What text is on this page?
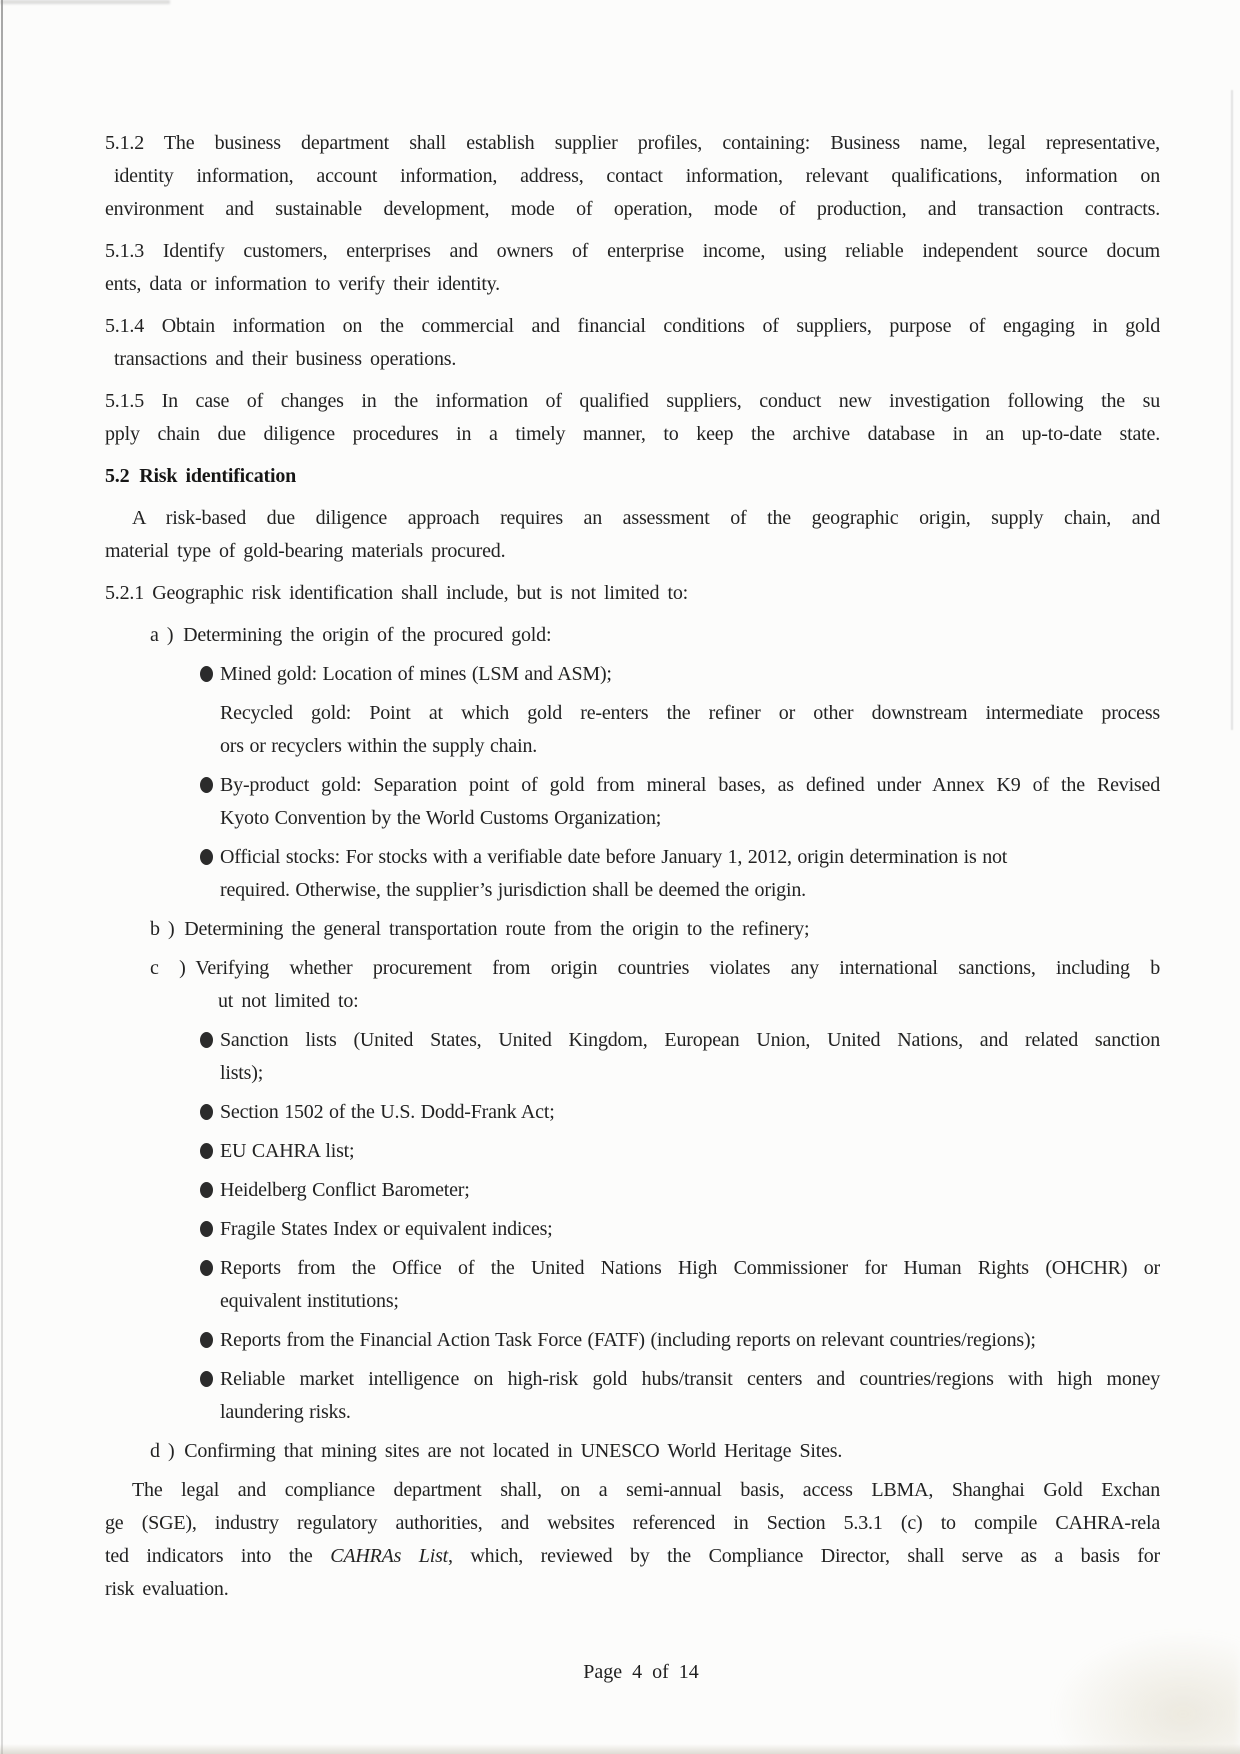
5.1.2 The business department shall establish supplier profiles, containing: Business name, legal representative,
identity information, account information, address, contact information, relevant qualifications, information on
environment and sustainable development, mode of operation, mode of production, and transaction contracts.
5.1.3 Identify customers, enterprises and owners of enterprise income, using reliable independent source docum
ents, data or information to verify their identity.
5.1.4 Obtain information on the commercial and financial conditions of suppliers, purpose of engaging in gold
transactions and their business operations.
5.1.5 In case of changes in the information of qualified suppliers, conduct new investigation following the su
pply chain due diligence procedures in a timely manner, to keep the archive database in an up-to-date state.
5.2 Risk identification
A risk-based due diligence approach requires an assessment of the geographic origin, supply chain, and
material type of gold-bearing materials procured.
5.2.1 Geographic risk identification shall include, but is not limited to:
a ) Determining the origin of the procured gold:
Mined gold: Location of mines (LSM and ASM);
Recycled gold: Point at which gold re-enters the refiner or other downstream intermediate process
ors or recyclers within the supply chain.
By-product gold: Separation point of gold from mineral bases, as defined under Annex K9 of the Revised
Kyoto Convention by the World Customs Organization;
Official stocks: For stocks with a verifiable date before January 1, 2012, origin determination is not
required. Otherwise, the supplier’s jurisdiction shall be deemed the origin.
b ) Determining the general transportation route from the origin to the refinery;
c ) Verifying whether procurement from origin countries violates any international sanctions, including b
ut not limited to:
Sanction lists (United States, United Kingdom, European Union, United Nations, and related sanction
lists);
Section 1502 of the U.S. Dodd-Frank Act;
EU CAHRA list;
Heidelberg Conflict Barometer;
Fragile States Index or equivalent indices;
Reports from the Office of the United Nations High Commissioner for Human Rights (OHCHR) or
equivalent institutions;
Reports from the Financial Action Task Force (FATF) (including reports on relevant countries/regions);
Reliable market intelligence on high-risk gold hubs/transit centers and countries/regions with high money
laundering risks.
d ) Confirming that mining sites are not located in UNESCO World Heritage Sites.
The legal and compliance department shall, on a semi-annual basis, access LBMA, Shanghai Gold Exchan
ge (SGE), industry regulatory authorities, and websites referenced in Section 5.3.1 (c) to compile CAHRA-rela
ted indicators into the CAHRAs List, which, reviewed by the Compliance Director, shall serve as a basis for
risk evaluation.
Page 4 of 14
